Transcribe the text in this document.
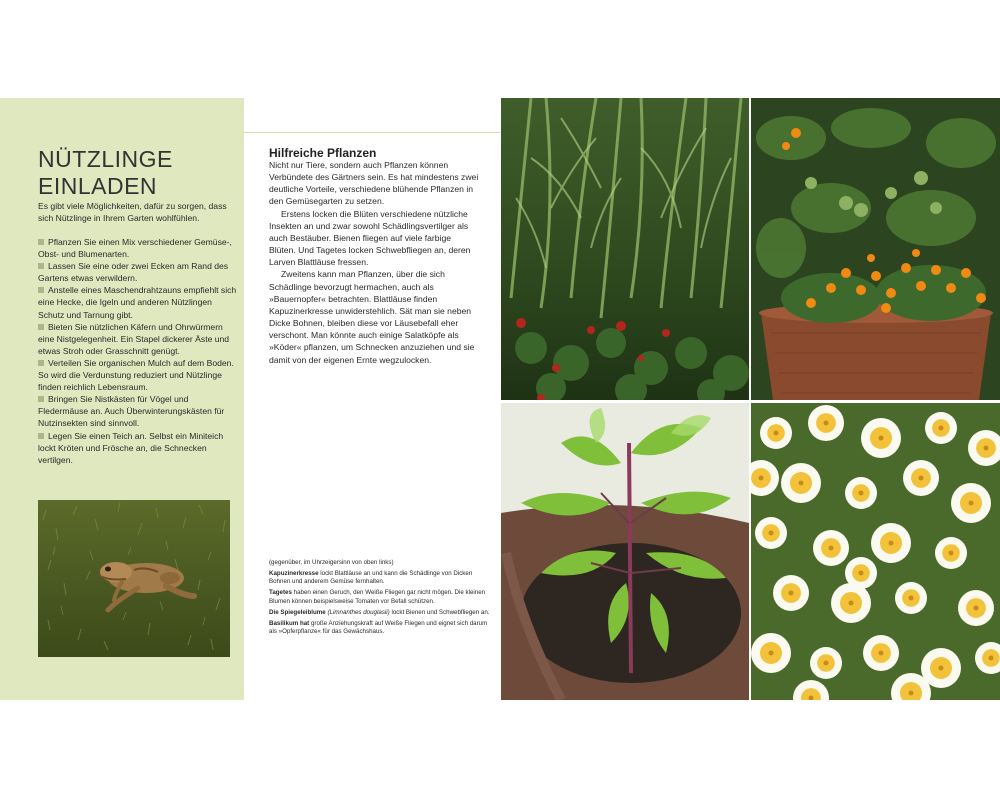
NÜTZLINGE
EINLADEN

Es gibt viele Möglichkeiten, dafür zu sorgen, dass sich Nützlinge in Ihrem Garten wohlfühlen.

Pflanzen Sie einen Mix verschiedener Gemüse-, Obst- und Blumenarten.
Lassen Sie eine oder zwei Ecken am Rand des Gartens etwas verwildern.
Anstelle eines Maschendrahtzauns empfiehlt sich eine Hecke, die Igeln und anderen Nützlingen Schutz und Tarnung gibt.
Bieten Sie nützlichen Käfern und Ohrwürmern eine Nistgelegenheit. Ein Stapel dickerer Äste und etwas Stroh oder Grasschnitt genügt.
Verteilen Sie organischen Mulch auf dem Boden. So wird die Verdunstung reduziert und Nützlinge finden reichlich Lebensraum.
Bringen Sie Nistkästen für Vögel und Fledermäuse an. Auch Überwinterungskästen für Nutzinsekten sind sinnvoll.
Legen Sie einen Teich an. Selbst ein Miniteich lockt Kröten und Frösche an, die Schnecken vertilgen.
Hilfreiche Pflanzen

Nicht nur Tiere, sondern auch Pflanzen können Verbündete des Gärtners sein. Es hat mindestens zwei deutliche Vorteile, verschiedene blühende Pflanzen in den Gemüsegarten zu setzen.

Erstens locken die Blüten verschiedene nützliche Insekten an und zwar sowohl Schädlingsvertilger als auch Bestäuber. Bienen fliegen auf viele farbige Blüten. Und Tagetes locken Schwebfliegen an, deren Larven Blattläuse fressen.

Zweitens kann man Pflanzen, über die sich Schädlinge bevorzugt hermachen, auch als »Bauernopfer« betrachten. Blattläuse finden Kapuzinerkresse unwiderstehlich. Sät man sie neben Dicke Bohnen, bleiben diese vor Läusebefall eher verschont. Man könnte auch einige Salatköpfe als »Köder« pflanzen, um Schnecken anzuziehen und sie damit von der eigenen Ernte wegzulocken.

(gegenüber, im Uhrzeigersinn von oben links)

Kapuzinerkresse lockt Blattläuse an und kann die Schädlinge von Dicken Bohnen und anderem Gemüse fernhalten.

Tagetes haben einen Geruch, den Weiße Fliegen gar nicht mögen. Die kleinen Blumen können beispielsweise Tomaten vor Befall schützen.

Die Spiegeleiblume (Limnanthes douglasii) lockt Bienen und Schwebfliegen an.

Basilikum hat große Anziehungskraft auf Weiße Fliegen und eignet sich darum als »Opferpflanze« für das Gewächshaus.
